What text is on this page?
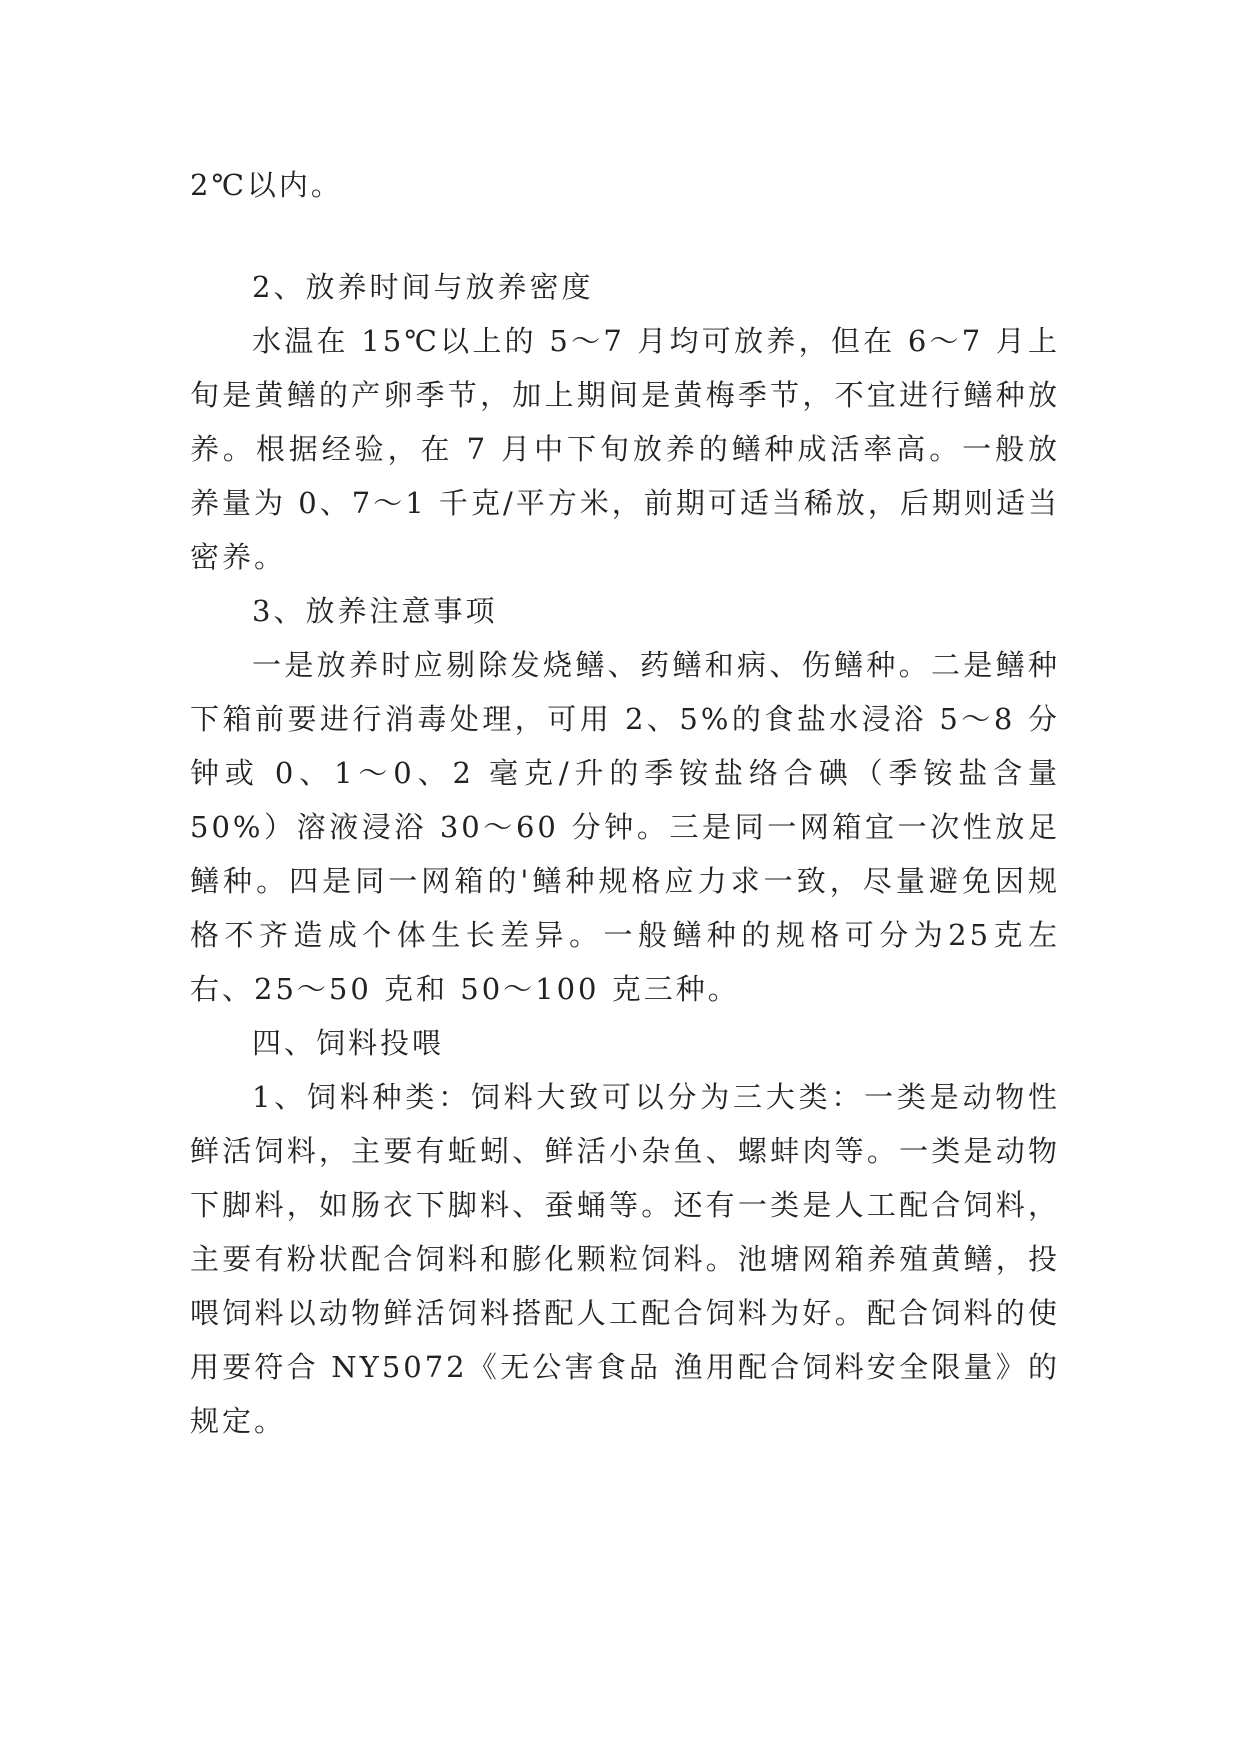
2℃以内。

2、放养时间与放养密度

水温在 15℃以上的 5～7 月均可放养，但在 6～7 月上旬是黄鳝的产卵季节，加上期间是黄梅季节，不宜进行鳝种放养。根据经验，在 7 月中下旬放养的鳝种成活率高。一般放养量为 0、7～1 千克/平方米，前期可适当稀放，后期则适当密养。

3、放养注意事项

一是放养时应剔除发烧鳝、药鳝和病、伤鳝种。二是鳝种下箱前要进行消毒处理，可用 2、5%的食盐水浸浴 5～8 分钟或 0、1～0、2 毫克/升的季铵盐络合碘（季铵盐含量 50%）溶液浸浴 30～60 分钟。三是同一网箱宜一次性放足鳝种。四是同一网箱的'鳝种规格应力求一致，尽量避免因规格不齐造成个体生长差异。一般鳝种的规格可分为25克左右、25～50 克和 50～100 克三种。

四、饲料投喂

1、饲料种类：饲料大致可以分为三大类：一类是动物性鲜活饲料，主要有蚯蚓、鲜活小杂鱼、螺蚌肉等。一类是动物下脚料，如肠衣下脚料、蚕蛹等。还有一类是人工配合饲料，主要有粉状配合饲料和膨化颗粒饲料。池塘网箱养殖黄鳝，投喂饲料以动物鲜活饲料搭配人工配合饲料为好。配合饲料的使用要符合 NY5072《无公害食品 渔用配合饲料安全限量》的规定。
